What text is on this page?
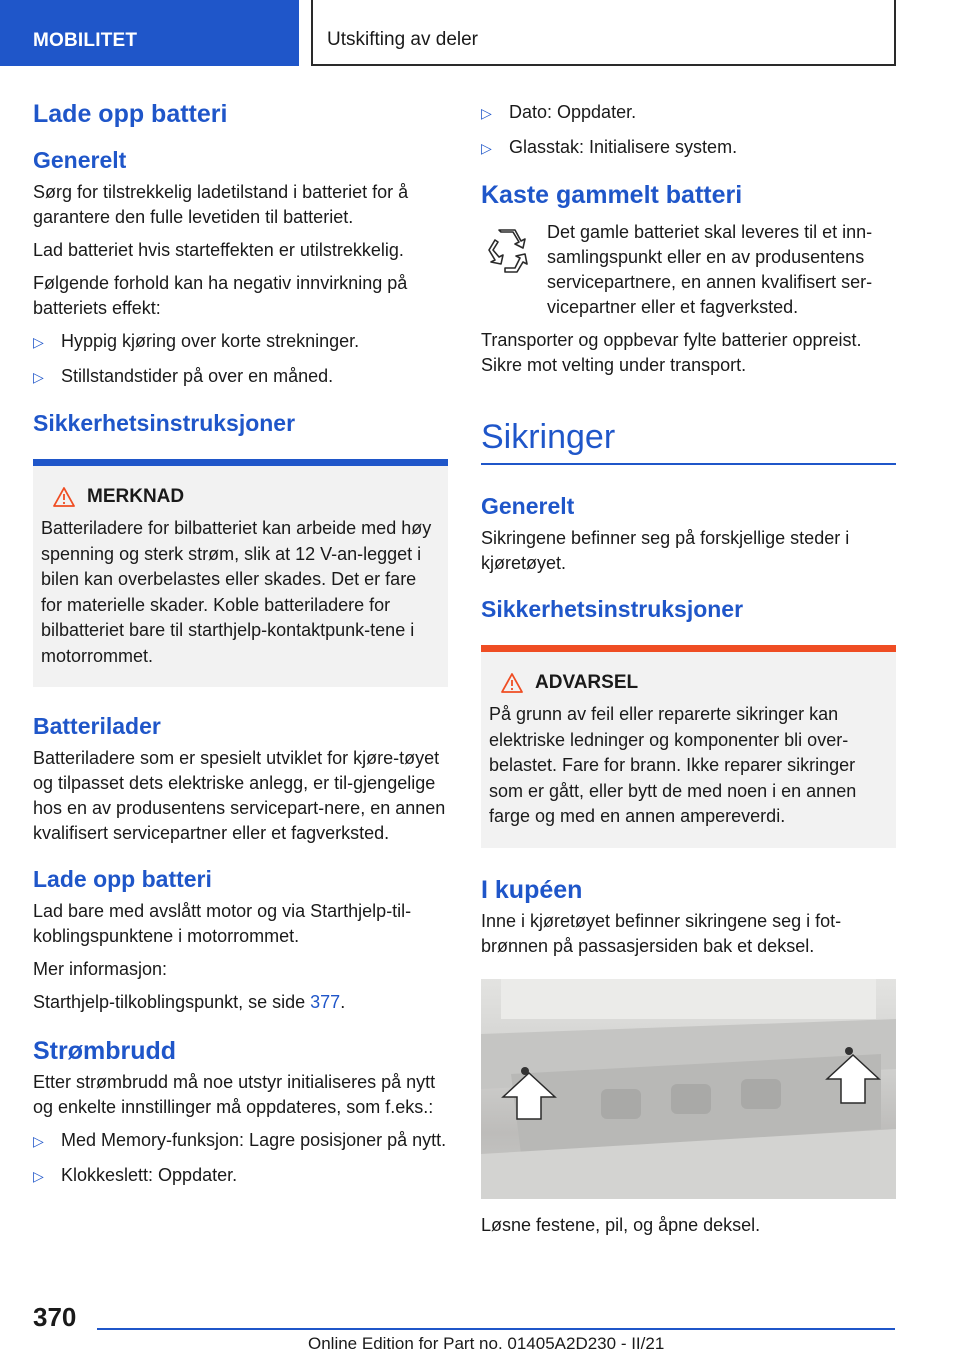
MOBILITET	Utskifting av deler
Lade opp batteri
Generelt

Sørg for tilstrekkelig ladetilstand i batteriet for å garantere den fulle levetiden til batteriet.

Lad batteriet hvis starteffekten er utilstrekkelig.

Følgende forhold kan ha negativ innvirkning på batteriets effekt:

▷ Hyppig kjøring over korte strekninger.
▷ Stillstandstider på over en måned.
Sikkerhetsinstruksjoner
MERKNAD

Batteriladere for bilbatteriet kan arbeide med høy spenning og sterk strøm, slik at 12 V-an-legget i bilen kan overbelastes eller skades. Det er fare for materielle skader. Koble batteriladere for bilbatteriet bare til starthjelp-kontaktpunk-tene i motorrommet.

Batterilader

Batteriladere som er spesielt utviklet for kjøre-tøyet og tilpasset dets elektriske anlegg, er til-gjengelige hos en av produsentens servicepart-nere, en annen kvalifisert servicepartner eller et fagverksted.

Lade opp batteri

Lad bare med avslått motor og via Starthjelp-til-koblingspunktene i motorrommet.

Mer informasjon:

Starthjelp-tilkoblingspunkt, se side 377.

Strømbrudd

Etter strømbrudd må noe utstyr initialiseres på nytt og enkelte innstillinger må oppdateres, som f.eks.:

▷ Med Memory-funksjon: Lagre posisjoner på nytt.
▷ Klokkeslett: Oppdater.
▷ Dato: Oppdater.
▷ Glasstak: Initialisere system.
Kaste gammelt batteri

Det gamle batteriet skal leveres til et inn-samlingspunkt eller en av produsentens servicepartnere, en annen kvalifisert ser-vicepartner eller et fagverksted.

Transporter og oppbevar fylte batterier oppreist. Sikre mot velting under transport.

Sikringer
Generelt

Sikringene befinner seg på forskjellige steder i kjøretøyet.

Sikkerhetsinstruksjoner
ADVARSEL

På grunn av feil eller reparerte sikringer kan elektriske ledninger og komponenter bli over-belastet. Fare for brann. Ikke reparer sikringer som er gått, eller bytt de med noen i en annen farge og med en annen ampereverdi.

I kupéen

Inne i kjøretøyet befinner sikringene seg i fot-brønnen på passasjersiden bak et deksel.

Løsne festene, pil, og åpne deksel.

370
Online Edition for Part no. 01405A2D230 - II/21
